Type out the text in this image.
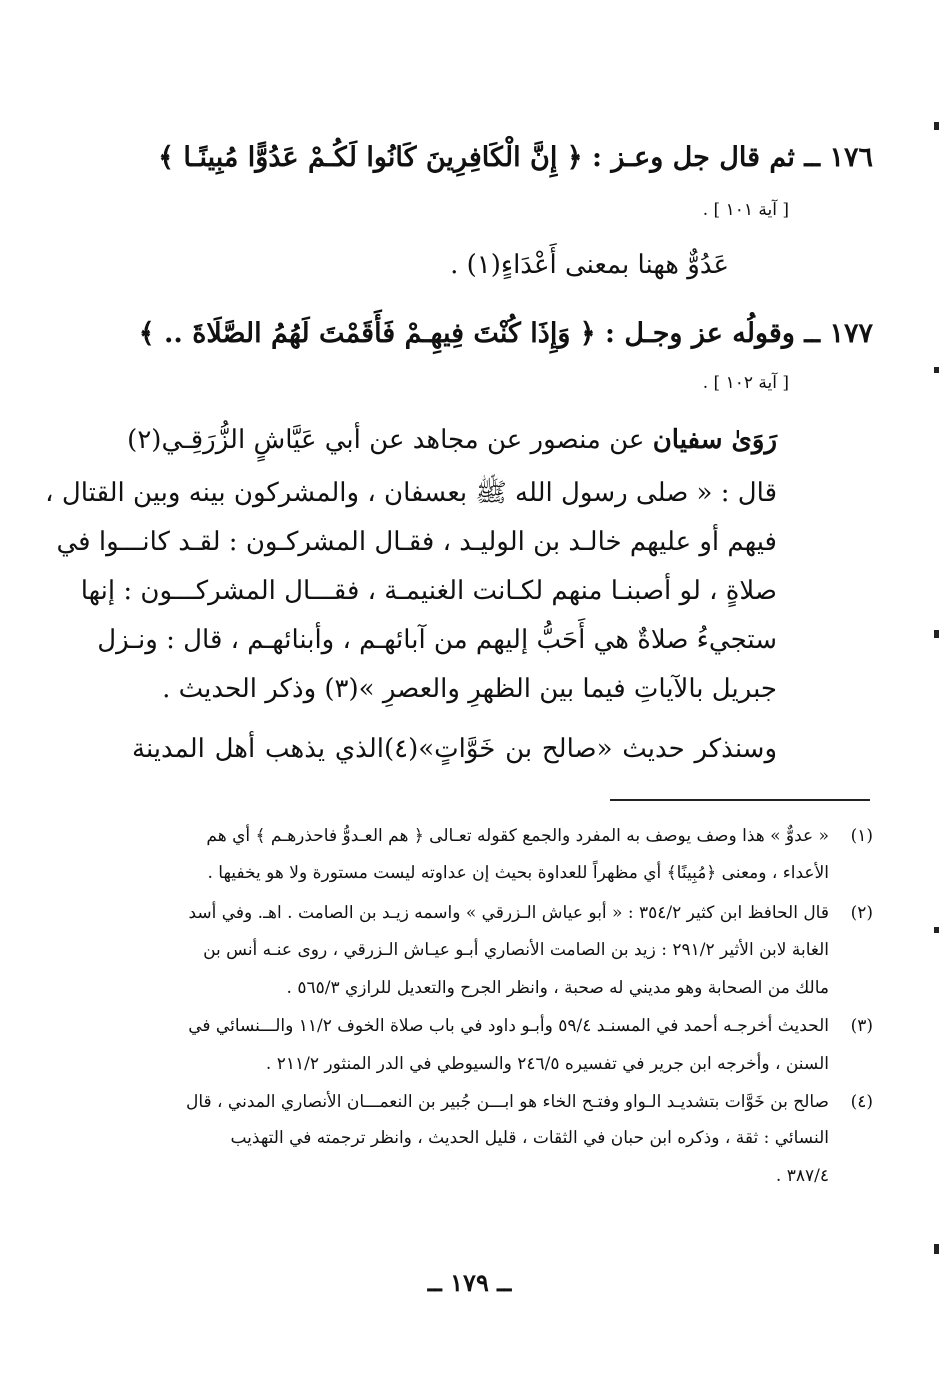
١٧٦ ــ ثم قال جل وعـز : ﴿ إِنَّ الْكَافِرِينَ كَانُوا لَكُـمْ عَدُوًّا مُبِينًـا ﴾
[ آية ١٠١ ] .
عَدُوٌّ ههنا بمعنى أَعْدَاءٍ(١) .
١٧٧ ــ وقولُه عز وجـل : ﴿ وَإِذَا كُنْتَ فِيهِـمْ فَأَقَمْتَ لَهُمُ الصَّلَاةَ .. ﴾
[ آية ١٠٢ ] .
رَوَىٰ سفيان عن منصور عن مجاهد عن أبي عَيَّاشٍ الزُّرَقِـي(٢)
قال : « صلى رسول الله ﷺ بعسفان ، والمشركون بينه وبين القتال ،
فيهم أو عليهم خالـد بن الوليـد ، فقـال المشركـون : لقـد كانـــوا في
صلاةٍ ، لو أصبنـا منهم لكـانت الغنيمـة ، فقـــال المشركـــون : إنها
ستجيءُ صلاةٌ هي أَحَبُّ إليهم من آبائهـم ، وأبنائهـم ، قال : ونـزل
جبريل بالآياتِ فيما بين الظهرِ والعصرِ »(٣) وذكر الحديث .
وسنذكر حديث «صالح بن خَوَّاتٍ»(٤)الذي يذهب أهل المدينة
(١)« عدوٌّ » هذا وصف يوصف به المفرد والجمع كقوله تعـالى ﴿ هم العـدوُّ فاحذرهـم ﴾ أي هم
الأعداء ، ومعنى ﴿مُبِينًا﴾ أي مظهراً للعداوة بحيث إن عداوته ليست مستورة ولا هو يخفيها .
(٢)قال الحافظ ابن كثير ٣٥٤/٢ : « أبو عياش الـزرقي » واسمه زيـد بن الصامت . اهـ. وفي أسد
الغابة لابن الأثير ٢٩١/٢ : زيد بن الصامت الأنصاري أبـو عيـاش الـزرقي ، روى عنـه أنس بن
مالك من الصحابة وهو مديني له صحبة ، وانظر الجرح والتعديل للرازي ٥٦٥/٣ .
(٣)الحديث أخرجـه أحمد في المسنـد ٥٩/٤ وأبـو داود في باب صلاة الخوف ١١/٢ والـــنسائي في
السنن ، وأخرجه ابن جرير في تفسيره ٢٤٦/٥ والسيوطي في الدر المنثور ٢١١/٢ .
(٤)صالح بن خَوَّات بتشديـد الـواو وفتـح الخاء هو ابـــن جُبير بن النعمـــان الأنصاري المدني ، قال
النسائي : ثقة ، وذكره ابن حبان في الثقات ، قليل الحديث ، وانظر ترجمته في التهذيب
٣٨٧/٤ .
ــ ١٧٩ ــ
